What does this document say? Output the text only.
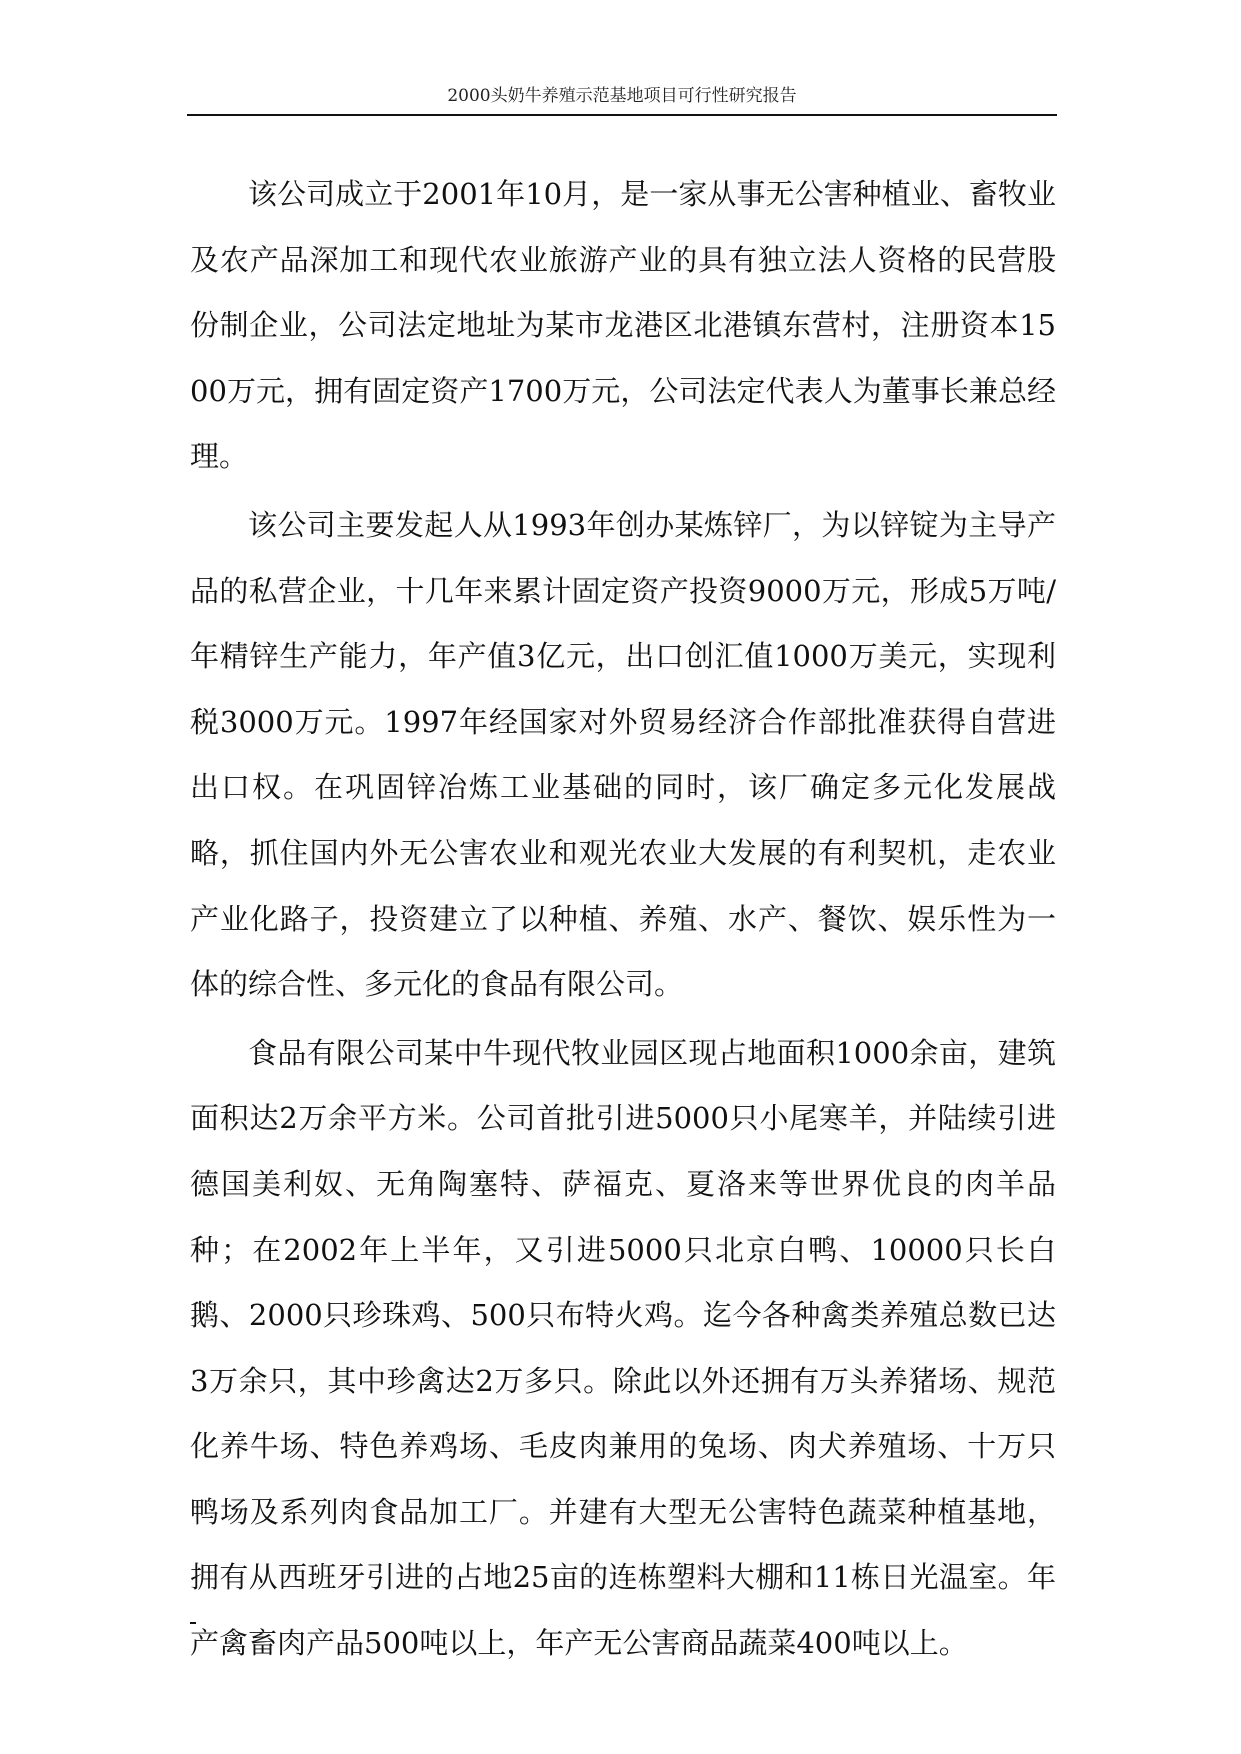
2000头奶牛养殖示范基地项目可行性研究报告

该公司成立于2001年10月，是一家从事无公害种植业、畜牧业及农产品深加工和现代农业旅游产业的具有独立法人资格的民营股份制企业，公司法定地址为某市龙港区北港镇东营村，注册资本1500万元，拥有固定资产1700万元，公司法定代表人为董事长兼总经理。

该公司主要发起人从1993年创办某炼锌厂，为以锌锭为主导产品的私营企业，十几年来累计固定资产投资9000万元，形成5万吨/年精锌生产能力，年产值3亿元，出口创汇值1000万美元，实现利税3000万元。1997年经国家对外贸易经济合作部批准获得自营进出口权。在巩固锌冶炼工业基础的同时，该厂确定多元化发展战略，抓住国内外无公害农业和观光农业大发展的有利契机，走农业产业化路子，投资建立了以种植、养殖、水产、餐饮、娱乐性为一体的综合性、多元化的食品有限公司。

食品有限公司某中牛现代牧业园区现占地面积1000余亩，建筑面积达2万余平方米。公司首批引进5000只小尾寒羊，并陆续引进德国美利奴、无角陶塞特、萨福克、夏洛来等世界优良的肉羊品种；在2002年上半年，又引进5000只北京白鸭、10000只长白鹅、2000只珍珠鸡、500只布特火鸡。迄今各种禽类养殖总数已达3万余只，其中珍禽达2万多只。除此以外还拥有万头养猪场、规范化养牛场、特色养鸡场、毛皮肉兼用的兔场、肉犬养殖场、十万只鸭场及系列肉食品加工厂。并建有大型无公害特色蔬菜种植基地，拥有从西班牙引进的占地25亩的连栋塑料大棚和11栋日光温室。年产禽畜肉产品500吨以上，年产无公害商品蔬菜400吨以上。
